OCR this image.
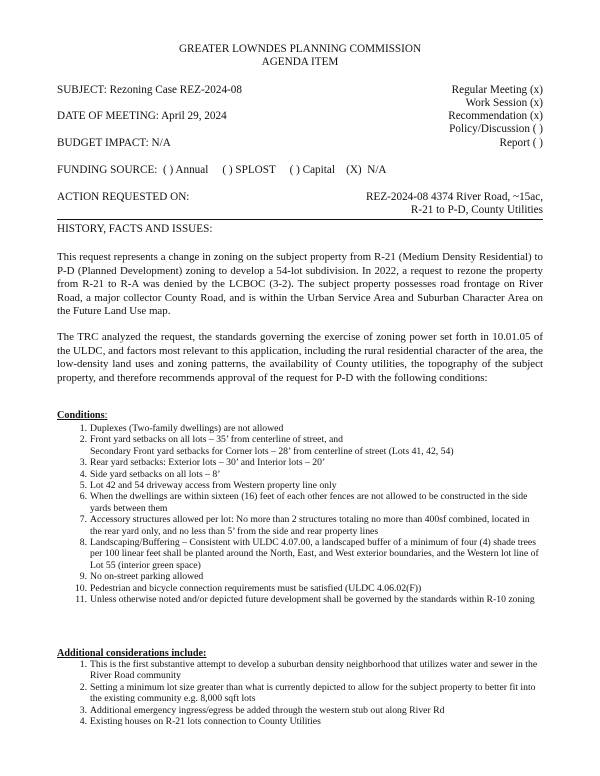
GREATER LOWNDES PLANNING COMMISSION
AGENDA ITEM
SUBJECT: Rezoning Case REZ-2024-08	Regular Meeting (x)
Work Session (x)
DATE OF MEETING: April 29, 2024	Recommendation (x)
Policy/Discussion ( )
BUDGET IMPACT: N/A	Report ( )
FUNDING SOURCE:  ( ) Annual     ( ) SPLOST     ( ) Capital    (X)  N/A
ACTION REQUESTED ON:	REZ-2024-08 4374 River Road, ~15ac,
R-21 to P-D, County Utilities
HISTORY, FACTS AND ISSUES:
This request represents a change in zoning on the subject property from R-21 (Medium Density Residential) to P-D (Planned Development) zoning to develop a 54-lot subdivision. In 2022, a request to rezone the property from R-21 to R-A was denied by the LCBOC (3-2). The subject property possesses road frontage on River Road, a major collector County Road, and is within the Urban Service Area and Suburban Character Area on the Future Land Use map.
The TRC analyzed the request, the standards governing the exercise of zoning power set forth in 10.01.05 of the ULDC, and factors most relevant to this application, including the rural residential character of the area, the low-density land uses and zoning patterns, the availability of County utilities, the topography of the subject property, and therefore recommends approval of the request for P-D with the following conditions:
Conditions:
1. Duplexes (Two-family dwellings) are not allowed
2. Front yard setbacks on all lots – 35’ from centerline of street, and
Secondary Front yard setbacks for Corner lots – 28’ from centerline of street (Lots 41, 42, 54)
3. Rear yard setbacks: Exterior lots – 30’ and Interior lots – 20’
4. Side yard setbacks on all lots – 8’
5. Lot 42 and 54 driveway access from Western property line only
6. When the dwellings are within sixteen (16) feet of each other fences are not allowed to be constructed in the side yards between them
7. Accessory structures allowed per lot: No more than 2 structures totaling no more than 400sf combined, located in the rear yard only, and no less than 5’ from the side and rear property lines
8. Landscaping/Buffering – Consistent with ULDC 4.07.00, a landscaped buffer of a minimum of four (4) shade trees per 100 linear feet shall be planted around the North, East, and West exterior boundaries, and the Western lot line of Lot 55 (interior green space)
9. No on-street parking allowed
10. Pedestrian and bicycle connection requirements must be satisfied (ULDC 4.06.02(F))
11. Unless otherwise noted and/or depicted future development shall be governed by the standards within R-10 zoning
Additional considerations include:
1. This is the first substantive attempt to develop a suburban density neighborhood that utilizes water and sewer in the River Road community
2. Setting a minimum lot size greater than what is currently depicted to allow for the subject property to better fit into the existing community e.g. 8,000 sqft lots
3. Additional emergency ingress/egress be added through the western stub out along River Rd
4. Existing houses on R-21 lots connection to County Utilities
